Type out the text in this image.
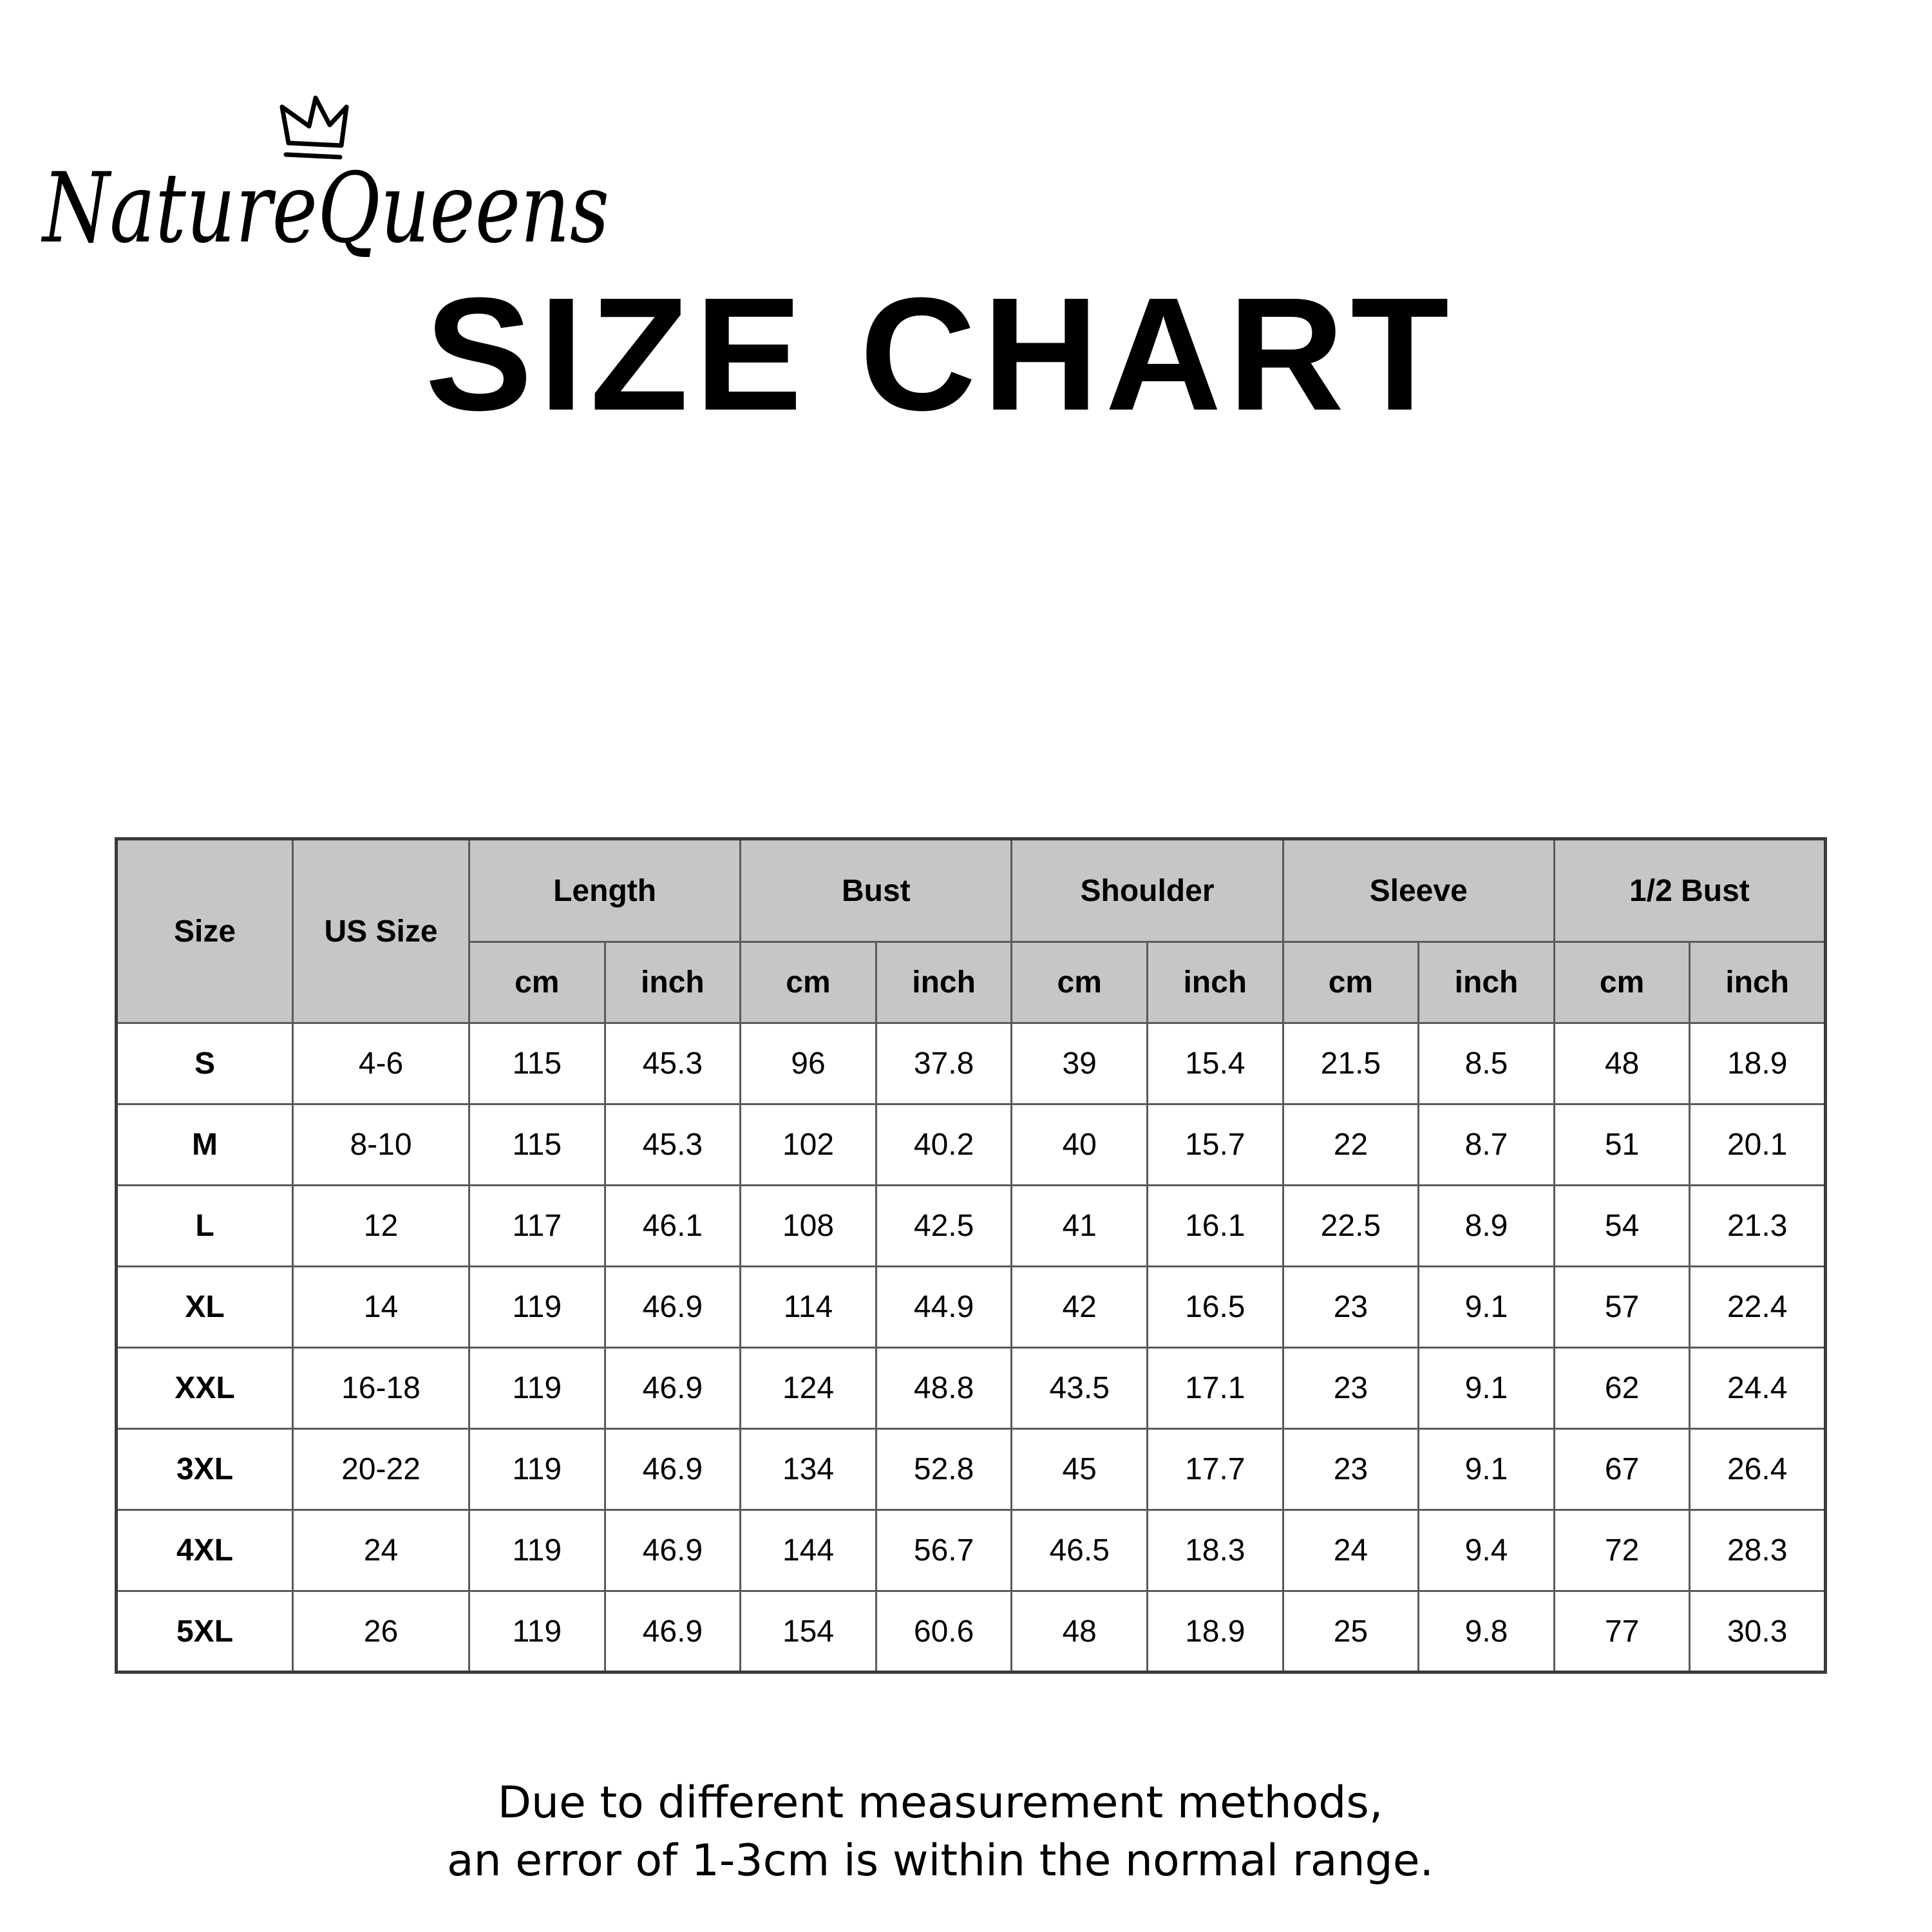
NatureQueens
SIZE CHART
Size	US Size	Length		Bust		Shoulder		Sleeve		1/2 Bust	
		cm	inch	cm	inch	cm	inch	cm	inch	cm	inch
S	4-6	115	45.3	96	37.8	39	15.4	21.5	8.5	48	18.9
M	8-10	115	45.3	102	40.2	40	15.7	22	8.7	51	20.1
L	12	117	46.1	108	42.5	41	16.1	22.5	8.9	54	21.3
XL	14	119	46.9	114	44.9	42	16.5	23	9.1	57	22.4
XXL	16-18	119	46.9	124	48.8	43.5	17.1	23	9.1	62	24.4
3XL	20-22	119	46.9	134	52.8	45	17.7	23	9.1	67	26.4
4XL	24	119	46.9	144	56.7	46.5	18.3	24	9.4	72	28.3
5XL	26	119	46.9	154	60.6	48	18.9	25	9.8	77	30.3
Due to different measurement methods,
an error of 1-3cm is within the normal range.
